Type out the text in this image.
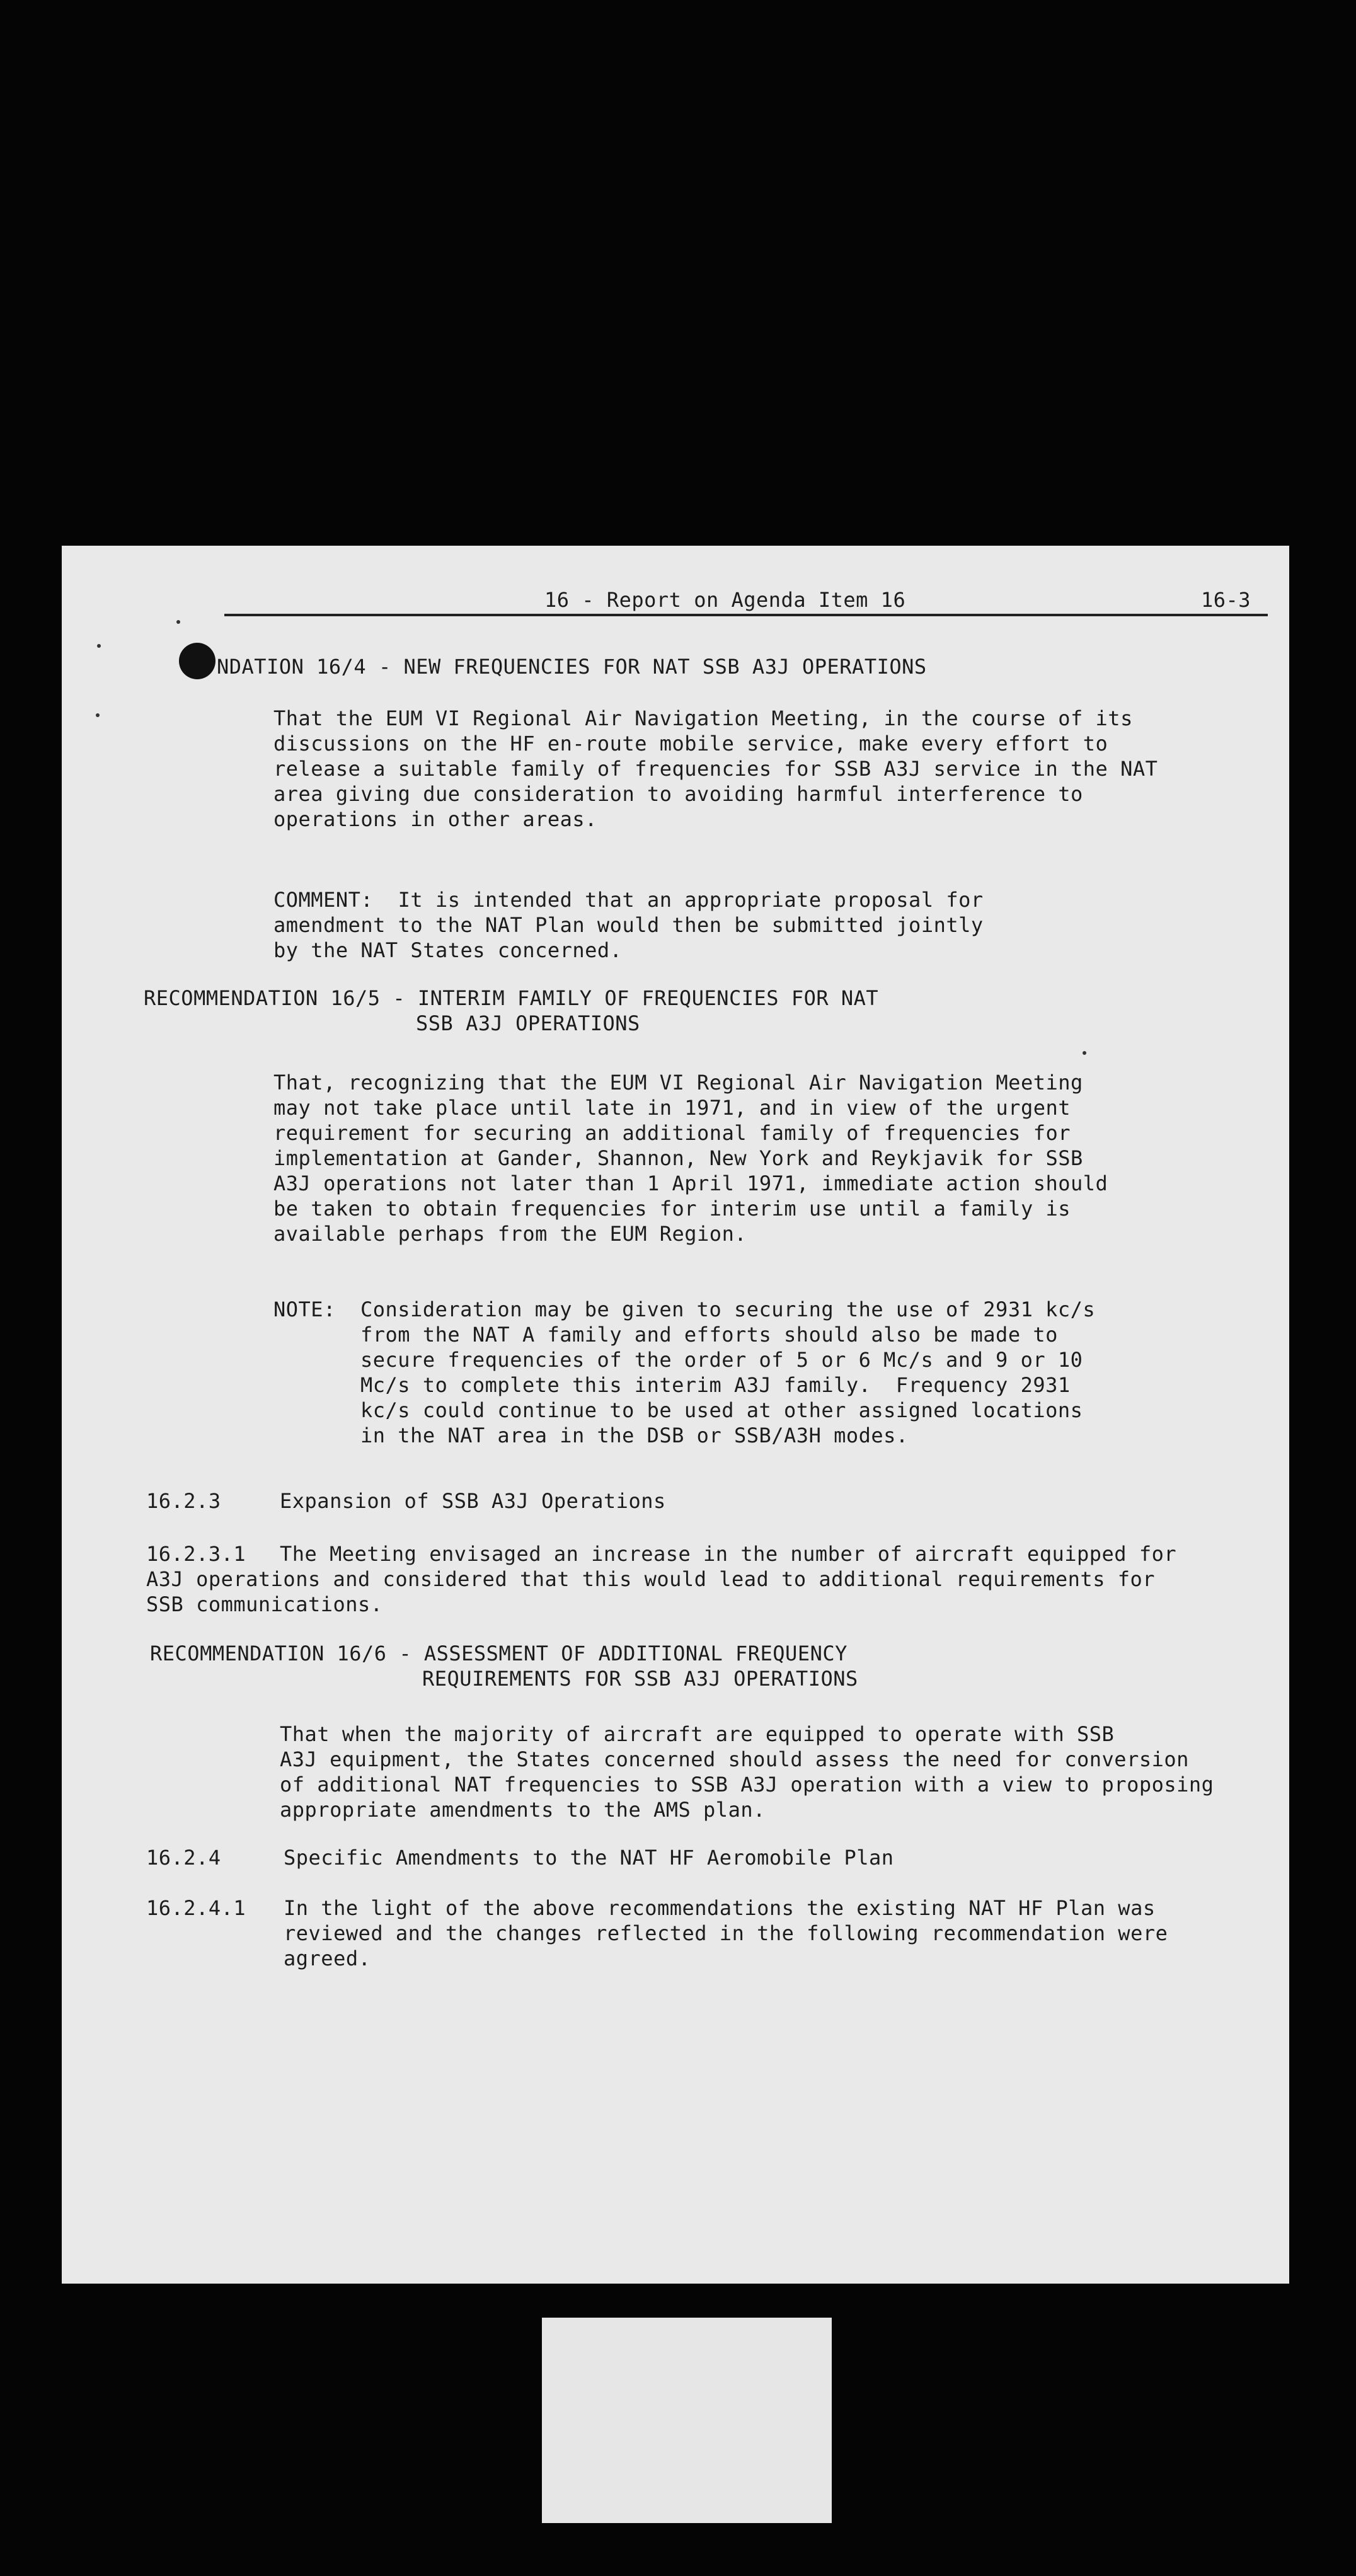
16 - Report on Agenda Item 16	16-3
NDATION 16/4 - NEW FREQUENCIES FOR NAT SSB A3J OPERATIONS
That the EUM VI Regional Air Navigation Meeting, in the course of its
discussions on the HF en-route mobile service, make every effort to
release a suitable family of frequencies for SSB A3J service in the NAT
area giving due consideration to avoiding harmful interference to
operations in other areas.
COMMENT:  It is intended that an appropriate proposal for
amendment to the NAT Plan would then be submitted jointly
by the NAT States concerned.
RECOMMENDATION 16/5 - INTERIM FAMILY OF FREQUENCIES FOR NAT
SSB A3J OPERATIONS
That, recognizing that the EUM VI Regional Air Navigation Meeting
may not take place until late in 1971, and in view of the urgent
requirement for securing an additional family of frequencies for
implementation at Gander, Shannon, New York and Reykjavik for SSB
A3J operations not later than 1 April 1971, immediate action should
be taken to obtain frequencies for interim use until a family is
available perhaps from the EUM Region.
NOTE: Consideration may be given to securing the use of 2931 kc/s
from the NAT A family and efforts should also be made to
secure frequencies of the order of 5 or 6 Mc/s and 9 or 10
Mc/s to complete this interim A3J family.  Frequency 2931
kc/s could continue to be used at other assigned locations
in the NAT area in the DSB or SSB/A3H modes.
16.2.3	Expansion of SSB A3J Operations
16.2.3.1 The Meeting envisaged an increase in the number of aircraft equipped for
A3J operations and considered that this would lead to additional requirements for
SSB communications.
RECOMMENDATION 16/6 - ASSESSMENT OF ADDITIONAL FREQUENCY
REQUIREMENTS FOR SSB A3J OPERATIONS
That when the majority of aircraft are equipped to operate with SSB
A3J equipment, the States concerned should assess the need for conversion
of additional NAT frequencies to SSB A3J operation with a view to proposing
appropriate amendments to the AMS plan.
16.2.4	Specific Amendments to the NAT HF Aeromobile Plan
16.2.4.1 In the light of the above recommendations the existing NAT HF Plan was
reviewed and the changes reflected in the following recommendation were
agreed.
